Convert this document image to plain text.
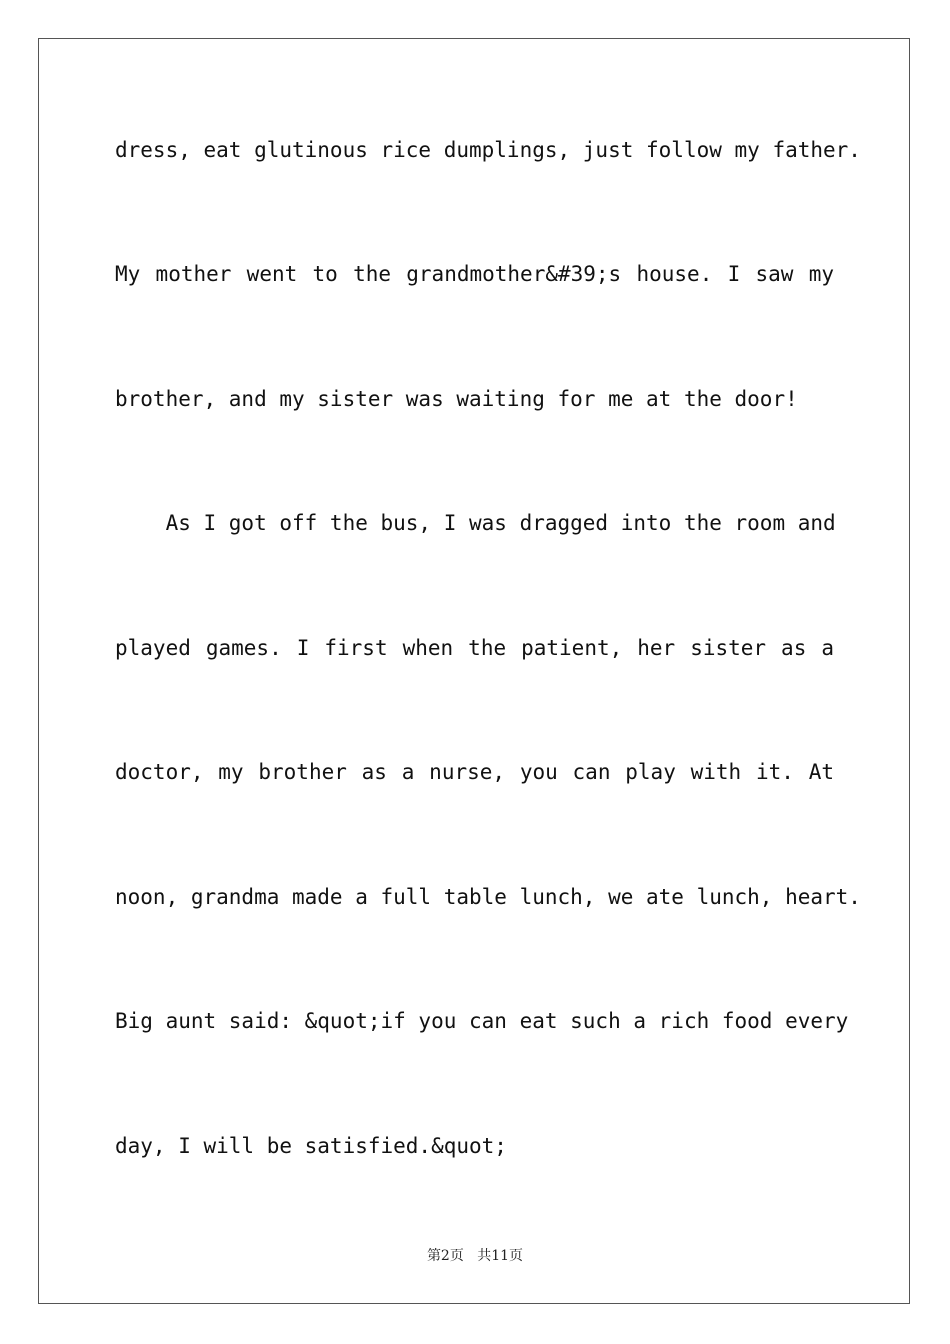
dress, eat glutinous rice dumplings, just follow my father.
My mother went to the grandmother&#39;s house. I saw my
brother, and my sister was waiting for me at the door!
As I got off the bus, I was dragged into the room and
played games. I first when the patient, her sister as a
doctor, my brother as a nurse, you can play with it. At
noon, grandma made a full table lunch, we ate lunch, heart.
Big aunt said: &quot;if you can eat such a rich food every
day, I will be satisfied.&quot;
第2页 共11页
